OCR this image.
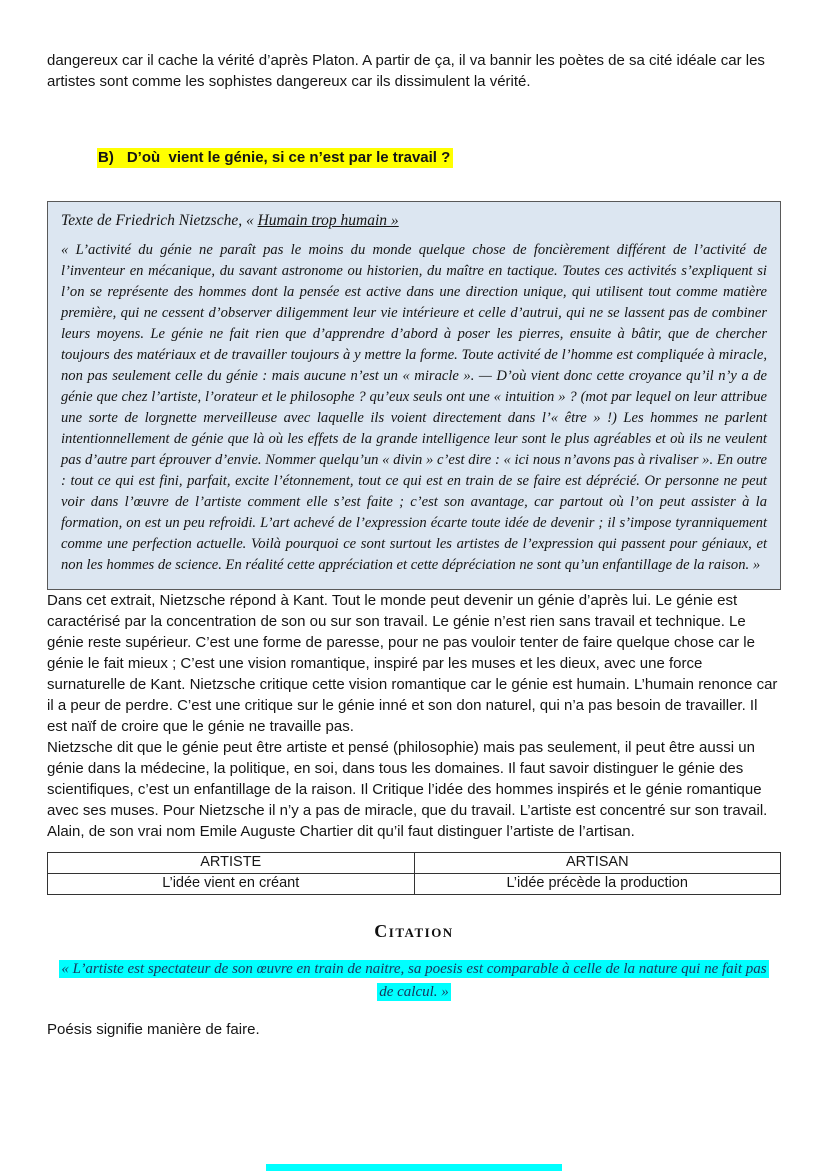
dangereux car il cache la vérité d’après Platon. A partir de ça, il va bannir les poètes de sa cité idéale car les artistes sont comme les sophistes dangereux car ils dissimulent la vérité.

B) D’où  vient le génie, si ce n’est par le travail ?

Texte de Friedrich Nietzsche, « Humain trop humain »

« L’activité du génie ne paraît pas le moins du monde quelque chose de foncièrement différent de l’activité de l’inventeur en mécanique, du savant astronome ou historien, du maître en tactique. Toutes ces activités s’expliquent si l’on se représente des hommes dont la pensée est active dans une direction unique, qui utilisent tout comme matière première, qui ne cessent d’observer diligemment leur vie intérieure et celle d’autrui, qui ne se lassent pas de combiner leurs moyens. Le génie ne fait rien que d’apprendre d’abord à poser les pierres, ensuite à bâtir, que de chercher toujours des matériaux et de travailler toujours à y mettre la forme. Toute activité de l’homme est compliquée à miracle, non pas seulement celle du génie : mais aucune n’est un « miracle ». — D’où vient donc cette croyance qu’il n’y a de génie que chez l’artiste, l’orateur et le philosophe ? qu’eux seuls ont une « intuition » ? (mot par lequel on leur attribue une sorte de lorgnette merveilleuse avec laquelle ils voient directement dans l’« être » !) Les hommes ne parlent intentionnellement de génie que là où les effets de la grande intelligence leur sont le plus agréables et où ils ne veulent pas d’autre part éprouver d’envie. Nommer quelqu’un « divin » c’est dire : « ici nous n’avons pas à rivaliser ». En outre : tout ce qui est fini, parfait, excite l’étonnement, tout ce qui est en train de se faire est déprécié. Or personne ne peut voir dans l’œuvre de l’artiste comment elle s’est faite ; c’est son avantage, car partout où l’on peut assister à la formation, on est un peu refroidi. L’art achevé de l’expression écarte toute idée de devenir ; il s’impose tyranniquement comme une perfection actuelle. Voilà pourquoi ce sont surtout les artistes de l’expression qui passent pour géniaux, et non les hommes de science. En réalité cette appréciation et cette dépréciation ne sont qu’un enfantillage de la raison. »

Dans cet extrait, Nietzsche répond à Kant. Tout le monde peut devenir un génie d’après lui. Le génie est caractérisé par la concentration de son ou sur son travail. Le génie n’est rien sans travail et technique. Le génie reste supérieur. C’est une forme de paresse, pour ne pas vouloir tenter de faire quelque chose car le génie le fait mieux ; C’est une vision romantique, inspiré par les muses et les dieux, avec une force surnaturelle de Kant. Nietzsche critique cette vision romantique car le génie est humain. L’humain renonce car il a peur de perdre. C’est une critique sur le génie inné et son don naturel, qui n’a pas besoin de travailler. Il est naïf de croire que le génie ne travaille pas.

Nietzsche dit que le génie peut être artiste et pensé (philosophie) mais pas seulement, il peut être aussi un génie dans la médecine, la politique, en soi, dans tous les domaines. Il faut savoir distinguer le génie des scientifiques, c’est un enfantillage de la raison. Il Critique l’idée des hommes inspirés et le génie romantique avec ses muses. Pour Nietzsche il n’y a pas de miracle, que du travail. L’artiste est concentré sur son travail.

Alain, de son vrai nom Emile Auguste Chartier dit qu’il faut distinguer l’artiste de l’artisan.

ARTISTE	ARTISAN
L’idée vient en créant	L’idée précède la production
Citation

« L’artiste est spectateur de son œuvre en train de naitre, sa poesis est comparable à celle de la nature qui ne fait pas de calcul. »

Poésis signifie manière de faire.
